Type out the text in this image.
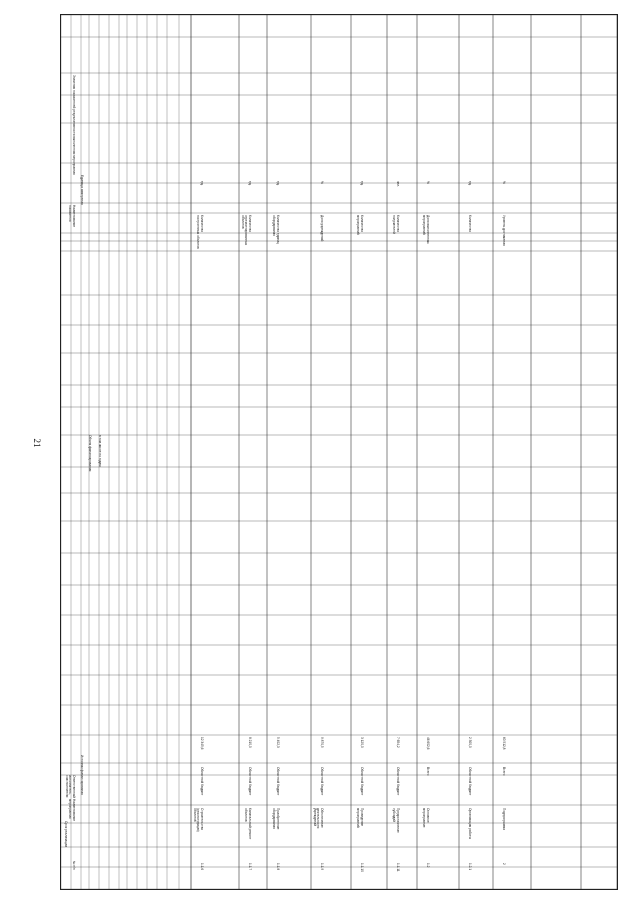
21
№ п/п
Наименование мероприятия
Срок реализации
Ответственный исполнитель, соисполнители	Источник финансирования
Объем финансирования в том числе по годам
Наименование показателя
Единица измерения
Значения показателей результативности выполнения мероприятия
1.1.6
Строительство (реконструкция) объектов
Областной бюджет
12 345,6
Количество построенных объектов
ед.
1.1.7
Капитальный ремонт объектов
Областной бюджет
8 210,0
Количество отремонтированных объектов
ед.
1.1.8
Приобретение оборудования
Областной бюджет
5 402,3
Количество единиц оборудования
ед.
1.1.9
Обеспечение деятельности учреждений
Областной бюджет
9 870,5
Доля учреждений
%
1.1.10
Проведение мероприятий
Областной бюджет
3 120,0
Количество мероприятий
ед.
1.1.11
Предоставление субсидий
Областной бюджет
7 654,2
Количество получателей
чел.
1.2
Основное мероприятие
Всего
46 602,6
Доля выполненных мероприятий
%
1.2.1
Организация работы
Областной бюджет
2 300,0
Количество
ед.
2
Подпрограмма
Всего
60 512,8
Уровень достижения
%
